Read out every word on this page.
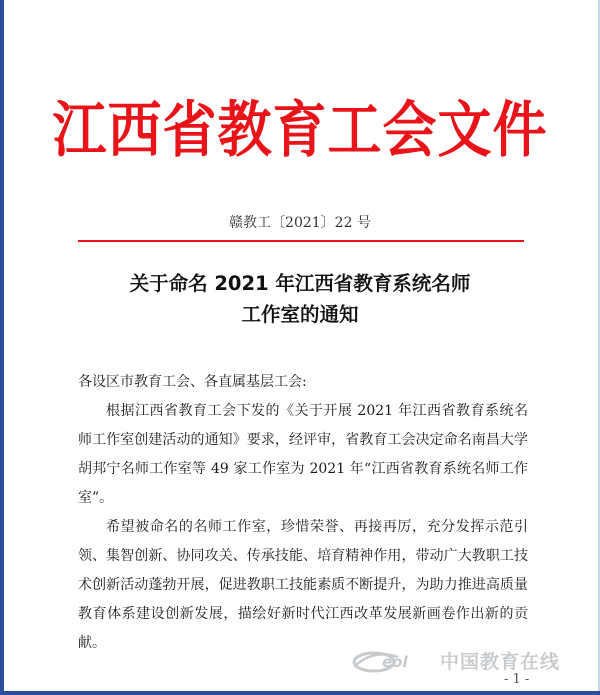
江西省教育工会文件
赣教工〔2021〕22 号
关于命名 2021 年江西省教育系统名师
工作室的通知

各设区市教育工会、各直属基层工会:

根据江西省教育工会下发的《关于开展 2021 年江西省教育系统名师工作室创建活动的通知》要求，经评审，省教育工会决定命名南昌大学胡邦宁名师工作室等 49 家工作室为 2021 年“江西省教育系统名师工作室”。

希望被命名的名师工作室，珍惜荣誉、再接再厉，充分发挥示范引领、集智创新、协同攻关、传承技能、培育精神作用，带动广大教职工技术创新活动蓬勃开展，促进教职工技能素质不断提升，为助力推进高质量教育体系建设创新发展，描绘好新时代江西改革发展新画卷作出新的贡献。

eol 中国教育在线
- 1 -
